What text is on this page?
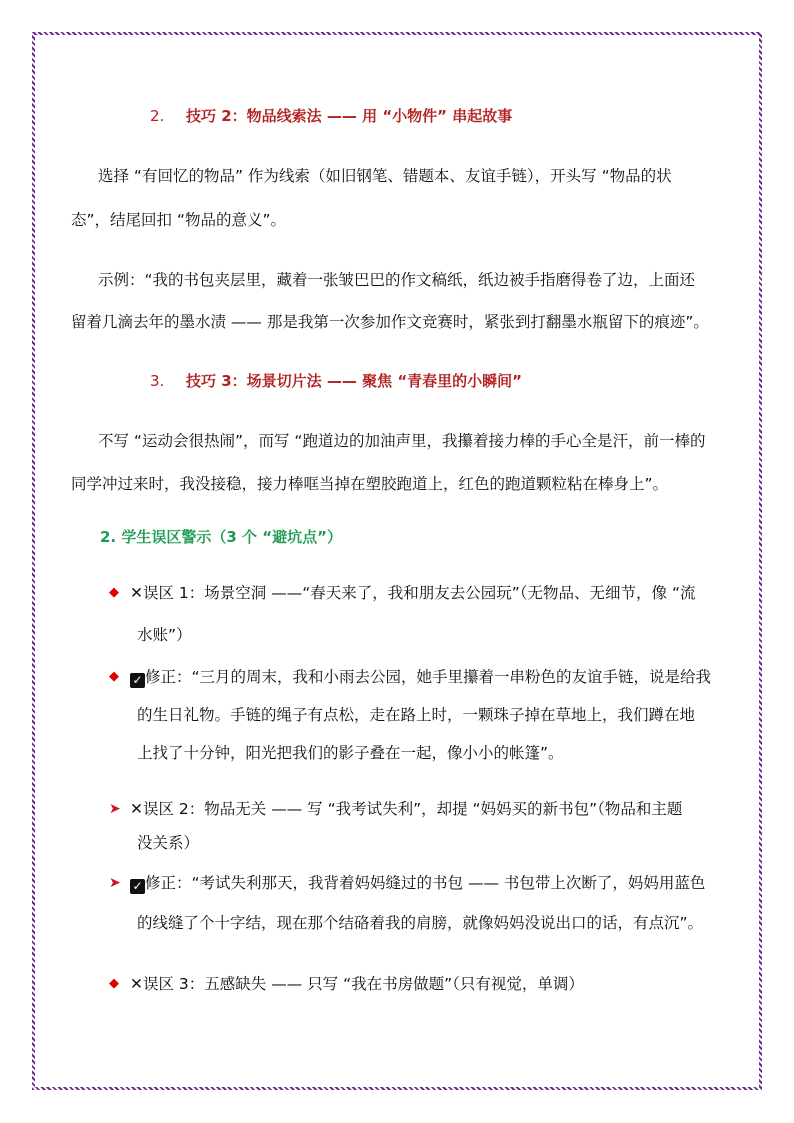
2. 技巧 2：物品线索法 —— 用 “小物件” 串起故事
选择 “有回忆的物品” 作为线索（如旧钢笔、错题本、友谊手链），开头写 “物品的状
态”，结尾回扣 “物品的意义”。
示例：“我的书包夹层里，藏着一张皱巴巴的作文稿纸，纸边被手指磨得卷了边，上面还
留着几滴去年的墨水渍 —— 那是我第一次参加作文竞赛时，紧张到打翻墨水瓶留下的痕迹”。
3. 技巧 3：场景切片法 —— 聚焦 “青春里的小瞬间”
不写 “运动会很热闹”，而写 “跑道边的加油声里，我攥着接力棒的手心全是汗，前一棒的
同学冲过来时，我没接稳，接力棒哐当掉在塑胶跑道上，红色的跑道颗粒粘在棒身上”。
2. 学生误区警示（3 个 “避坑点”）
◆ ✕误区 1：场景空洞 ——“春天来了，我和朋友去公园玩”（无物品、无细节，像 “流
水账”）
◆ ✓ 修正：“三月的周末，我和小雨去公园，她手里攥着一串粉色的友谊手链，说是给我
的生日礼物。手链的绳子有点松，走在路上时，一颗珠子掉在草地上，我们蹲在地
上找了十分钟，阳光把我们的影子叠在一起，像小小的帐篷”。
➤ ✕误区 2：物品无关 —— 写 “我考试失利”，却提 “妈妈买的新书包”（物品和主题
没关系）
➤ ✓ 修正：“考试失利那天，我背着妈妈缝过的书包 —— 书包带上次断了，妈妈用蓝色
的线缝了个十字结，现在那个结硌着我的肩膀，就像妈妈没说出口的话，有点沉”。
◆ ✕误区 3：五感缺失 —— 只写 “我在书房做题”（只有视觉，单调）
